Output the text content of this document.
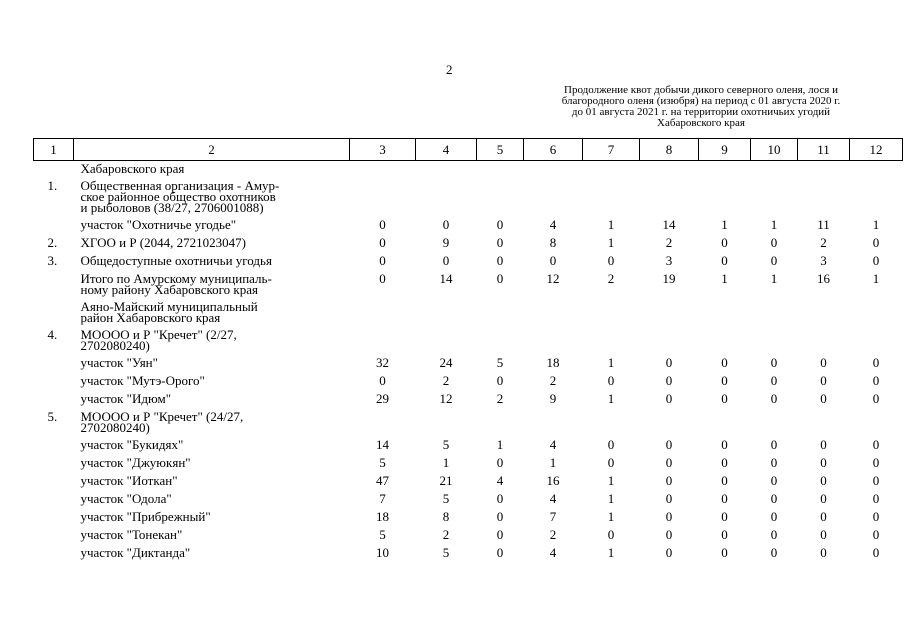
2
Продолжение квот добычи дикого северного оленя, лося и
благородного оленя (изюбря) на период с 01 августа 2020 г.
до 01 августа 2021 г. на территории охотничьих угодий
Хабаровского края
1	2	3	4	5	6	7	8	9	10	11	12

	Хабаровского края										

1.	Общественная организация - Амур-
ское районное общество охотников
и рыболовов (38/27, 2706001088)										

	участок "Охотничье угодье"	0	0	0	4	1	14	1	1	11	1
2.	ХГОО и Р (2044, 2721023047)	0	9	0	8	1	2	0	0	2	0
3.	Общедоступные охотничьи угодья	0	0	0	0	0	3	0	0	3	0

	Итого по Амурскому муниципаль-
ному району Хабаровского края	0	14	0	12	2	19	1	1	16	1

	Аяно-Майский муниципальный
район Хабаровского края										

4.	МОООО и Р "Кречет" (2/27,
2702080240)										

	участок "Уян"	32	24	5	18	1	0	0	0	0	0

	участок "Мутэ-Орого"	0	2	0	2	0	0	0	0	0	0

	участок "Идюм"	29	12	2	9	1	0	0	0	0	0
5.	МОООО и Р "Кречет" (24/27,
2702080240)										

	участок "Букидях"	14	5	1	4	0	0	0	0	0	0

	участок "Джуюкян"	5	1	0	1	0	0	0	0	0	0

	участок "Иоткан"	47	21	4	16	1	0	0	0	0	0

	участок "Одола"	7	5	0	4	1	0	0	0	0	0

	участок "Прибрежный"	18	8	0	7	1	0	0	0	0	0

	участок "Тонекан"	5	2	0	2	0	0	0	0	0	0

	участок "Диктанда"	10	5	0	4	1	0	0	0	0	0
